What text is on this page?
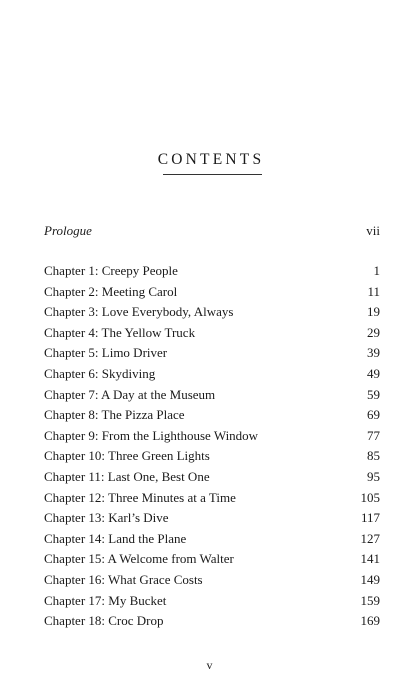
CONTENTS
Prologue	vii
Chapter 1: Creepy People	1
Chapter 2: Meeting Carol	11
Chapter 3: Love Everybody, Always	19
Chapter 4: The Yellow Truck	29
Chapter 5: Limo Driver	39
Chapter 6: Skydiving	49
Chapter 7: A Day at the Museum	59
Chapter 8: The Pizza Place	69
Chapter 9: From the Lighthouse Window	77
Chapter 10: Three Green Lights	85
Chapter 11: Last One, Best One	95
Chapter 12: Three Minutes at a Time	105
Chapter 13: Karl’s Dive	117
Chapter 14: Land the Plane	127
Chapter 15: A Welcome from Walter	141
Chapter 16: What Grace Costs	149
Chapter 17: My Bucket	159
Chapter 18: Croc Drop	169
v
